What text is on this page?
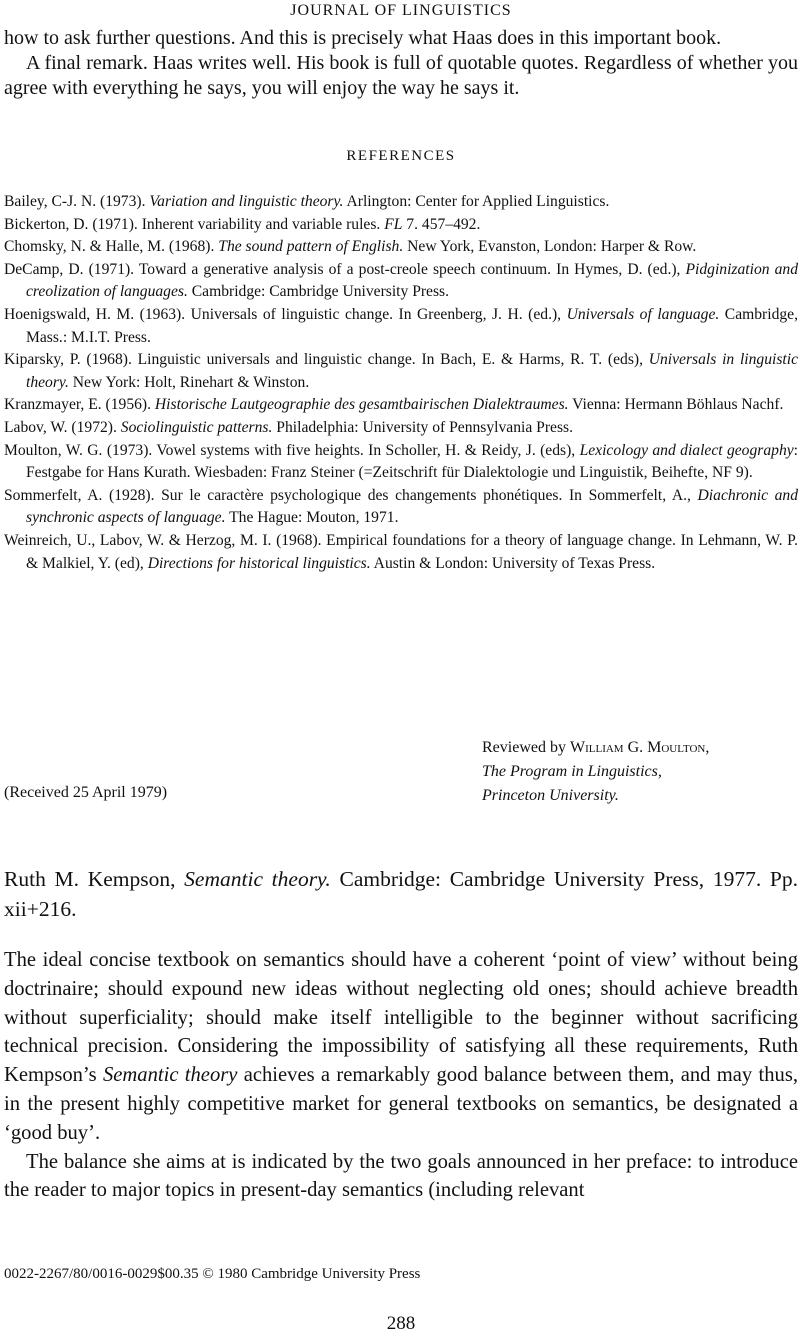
JOURNAL OF LINGUISTICS

how to ask further questions. And this is precisely what Haas does in this important book.

A final remark. Haas writes well. His book is full of quotable quotes. Regardless of whether you agree with everything he says, you will enjoy the way he says it.

REFERENCES
Bailey, C-J. N. (1973). Variation and linguistic theory. Arlington: Center for Applied Linguistics.
Bickerton, D. (1971). Inherent variability and variable rules. FL 7. 457–492.
Chomsky, N. & Halle, M. (1968). The sound pattern of English. New York, Evanston, London: Harper & Row.
DeCamp, D. (1971). Toward a generative analysis of a post-creole speech continuum. In Hymes, D. (ed.), Pidginization and creolization of languages. Cambridge: Cambridge University Press.
Hoenigswald, H. M. (1963). Universals of linguistic change. In Greenberg, J. H. (ed.), Universals of language. Cambridge, Mass.: M.I.T. Press.
Kiparsky, P. (1968). Linguistic universals and linguistic change. In Bach, E. & Harms, R. T. (eds), Universals in linguistic theory. New York: Holt, Rinehart & Winston.
Kranzmayer, E. (1956). Historische Lautgeographie des gesamtbairischen Dialektraumes. Vienna: Hermann Böhlaus Nachf.
Labov, W. (1972). Sociolinguistic patterns. Philadelphia: University of Pennsylvania Press.
Moulton, W. G. (1973). Vowel systems with five heights. In Scholler, H. & Reidy, J. (eds), Lexicology and dialect geography: Festgabe for Hans Kurath. Wiesbaden: Franz Steiner (=Zeitschrift für Dialektologie und Linguistik, Beihefte, NF 9).
Sommerfelt, A. (1928). Sur le caractère psychologique des changements phonétiques. In Sommerfelt, A., Diachronic and synchronic aspects of language. The Hague: Mouton, 1971.
Weinreich, U., Labov, W. & Herzog, M. I. (1968). Empirical foundations for a theory of language change. In Lehmann, W. P. & Malkiel, Y. (ed), Directions for historical linguistics. Austin & London: University of Texas Press.
Reviewed by William G. Moulton,
The Program in Linguistics,
Princeton University.
(Received 25 April 1979)
Ruth M. Kempson, Semantic theory. Cambridge: Cambridge University Press, 1977. Pp. xii+216.

The ideal concise textbook on semantics should have a coherent ‘point of view’ without being doctrinaire; should expound new ideas without neglecting old ones; should achieve breadth without superficiality; should make itself intelligible to the beginner without sacrificing technical precision. Considering the impossibility of satisfying all these requirements, Ruth Kempson’s Semantic theory achieves a remarkably good balance between them, and may thus, in the present highly competitive market for general textbooks on semantics, be designated a ‘good buy’.

The balance she aims at is indicated by the two goals announced in her preface: to introduce the reader to major topics in present-day semantics (including relevant

0022-2267/80/0016-0029$00.35 © 1980 Cambridge University Press
288
